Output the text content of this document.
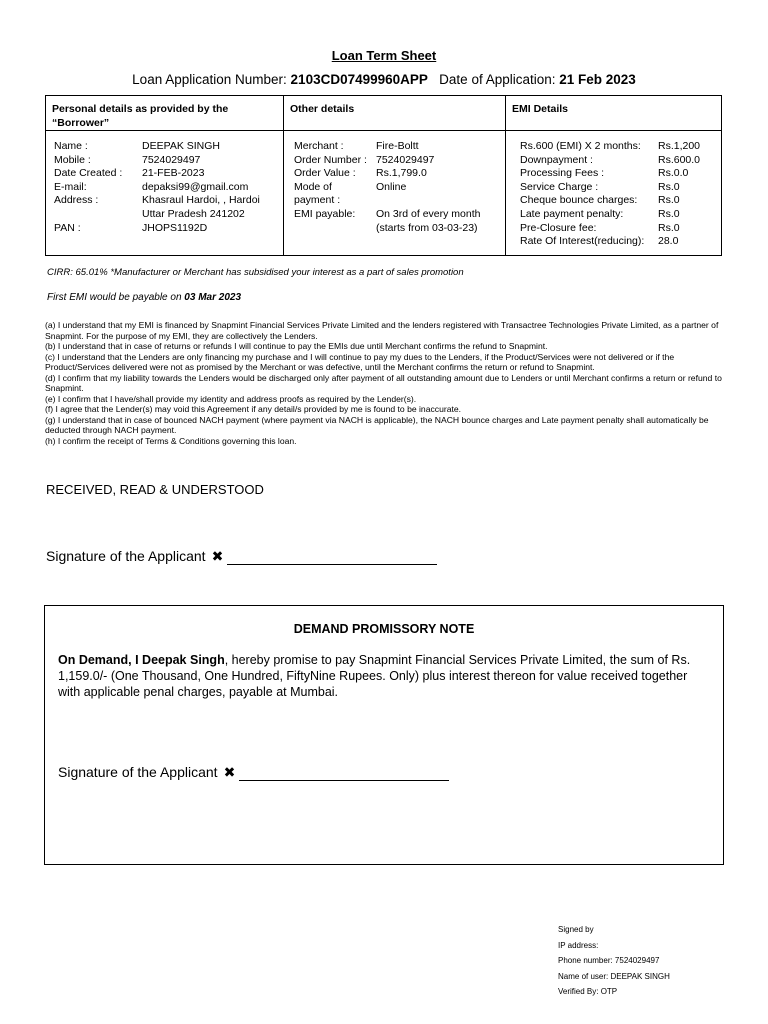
Loan Term Sheet
Loan Application Number: 2103CD07499960APP Date of Application: 21 Feb 2023
Personal details as provided by the “Borrower”
Name :	DEEPAK SINGH
Mobile :	7524029497
Date Created :	21-FEB-2023
E-mail:	depaksi99@gmail.com
Address :	Khasraul Hardoi, , Hardoi
Uttar Pradesh 241202
PAN :	JHOPS1192D
Other details
Merchant :	Fire-Boltt
Order Number : 7524029497
Order Value :	Rs.1,799.0
Mode of	Online
payment :
EMI payable:	On 3rd of every month
(starts from 03-03-23)
EMI Details
Rs.600 (EMI) X 2 months:	Rs.1,200
Downpayment :	Rs.600.0
Processing Fees :	Rs.0.0
Service Charge :	Rs.0
Cheque bounce charges:	Rs.0
Late payment penalty:	Rs.0
Pre-Closure fee:	Rs.0
Rate Of Interest(reducing):	28.0
CIRR: 65.01% *Manufacturer or Merchant has subsidised your interest as a part of sales promotion
First EMI would be payable on 03 Mar 2023

(a) I understand that my EMI is financed by Snapmint Financial Services Private Limited and the lenders registered with Transactree Technologies Private Limited, as a partner of Snapmint. For the purpose of my EMI, they are collectively the Lenders.

(b) I understand that in case of returns or refunds I will continue to pay the EMIs due until Merchant confirms the refund to Snapmint.

(c) I understand that the Lenders are only financing my purchase and I will continue to pay my dues to the Lenders, if the Product/Services were not delivered or if the Product/Services delivered were not as promised by the Merchant or was defective, until the Merchant confirms the return or refund to Snapmint.

(d) I confirm that my liability towards the Lenders would be discharged only after payment of all outstanding amount due to Lenders or until Merchant confirms a return or refund to Snapmint.

(e) I confirm that I have/shall provide my identity and address proofs as required by the Lender(s).

(f) I agree that the Lender(s) may void this Agreement if any detail/s provided by me is found to be inaccurate.

(g) I understand that in case of bounced NACH payment (where payment via NACH is applicable), the NACH bounce charges and Late payment penalty shall automatically be deducted through NACH payment.

(h) I confirm the receipt of Terms & Conditions governing this loan.

RECEIVED, READ & UNDERSTOOD
Signature of the Applicant ✖
DEMAND PROMISSORY NOTE
On Demand, I Deepak Singh, hereby promise to pay Snapmint Financial Services Private Limited, the sum of Rs. 1,159.0/- (One Thousand, One Hundred, FiftyNine Rupees. Only) plus interest thereon for value received together with applicable penal charges, payable at Mumbai.
Signature of the Applicant ✖
Signed by
IP address:
Phone number: 7524029497
Name of user: DEEPAK SINGH
Verified By: OTP
